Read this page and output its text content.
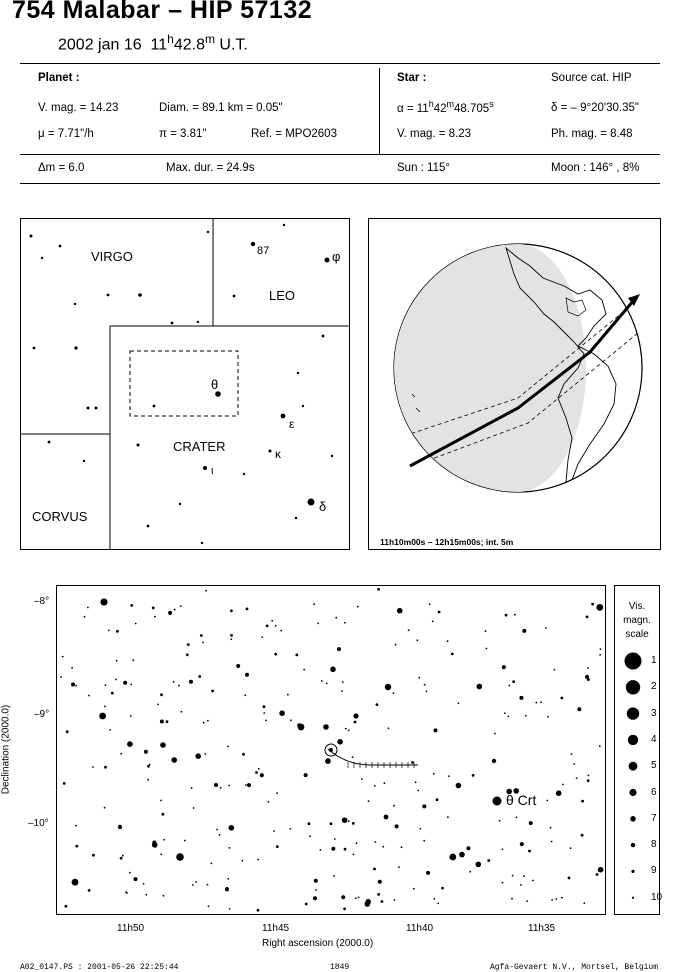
754 Malabar – HIP 57132
2002 jan 16 11$^h$42.8$^m$ U.T.
Planet :
V. mag. = 14.23	Diam. = 89.1 km = 0.05"
μ = 7.71"/h	π = 3.81"	Ref. = MPO2603
Star :	Source cat. HIP
$\alpha = 11^h42^m48.705^s$	δ = – 9°20'30.35"
V. mag. = 8.23	Ph. mag. = 8.48
Δm = 6.0	Max. dur. = 24.9s	Sun : 115°	Moon : 146° , 8%
VIRGO
LEO
CORVUS
CRATER
87	φ
θ
ε
κ
ι
δ
11h10m00s – 12h15m00s; int. 5m
θ Crt
–8°
–9°
–10°
Declination (2000.0)
11h50	11h45	11h40	11h35
Right ascension (2000.0)
Vis.
magn.
scale
1
2
3
4
5
6
7
8
9
10
A02_0147.PS : 2001-05-26 22:25:44	1849	Agfa-Gevaert N.V., Mortsel, Belgium
